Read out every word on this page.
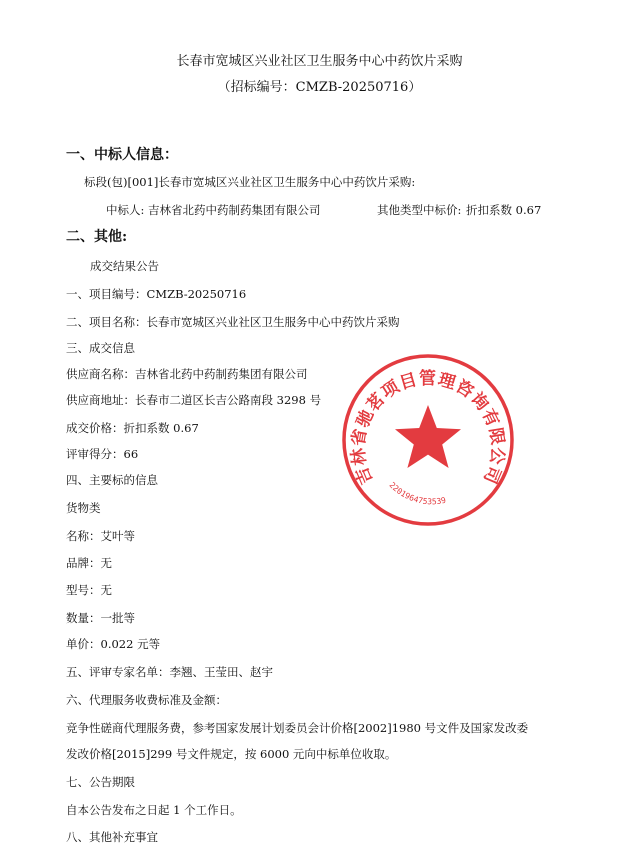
长春市宽城区兴业社区卫生服务中心中药饮片采购
（招标编号：CMZB-20250716）
一、中标人信息：
标段(包)[001]长春市宽城区兴业社区卫生服务中心中药饮片采购:
中标人: 吉林省北药中药制药集团有限公司	其他类型中标价: 折扣系数 0.67
二、其他:
成交结果公告
一、项目编号：CMZB-20250716
二、项目名称：长春市宽城区兴业社区卫生服务中心中药饮片采购
三、成交信息
供应商名称：吉林省北药中药制药集团有限公司
供应商地址：长春市二道区长吉公路南段 3298 号
成交价格：折扣系数 0.67
评审得分：66
四、主要标的信息
货物类
名称：艾叶等
品牌：无
型号：无
数量：一批等
单价：0.022 元等
五、评审专家名单：李翘、王莹田、赵宇
六、代理服务收费标准及金额：
竞争性磋商代理服务费，参考国家发展计划委员会计价格[2002]1980 号文件及国家发改委
发改价格[2015]299 号文件规定，按 6000 元向中标单位收取。
七、公告期限
自本公告发布之日起 1 个工作日。
八、其他补充事宜
吉林省驰茗项目管理咨询有限公司
2201964753539
